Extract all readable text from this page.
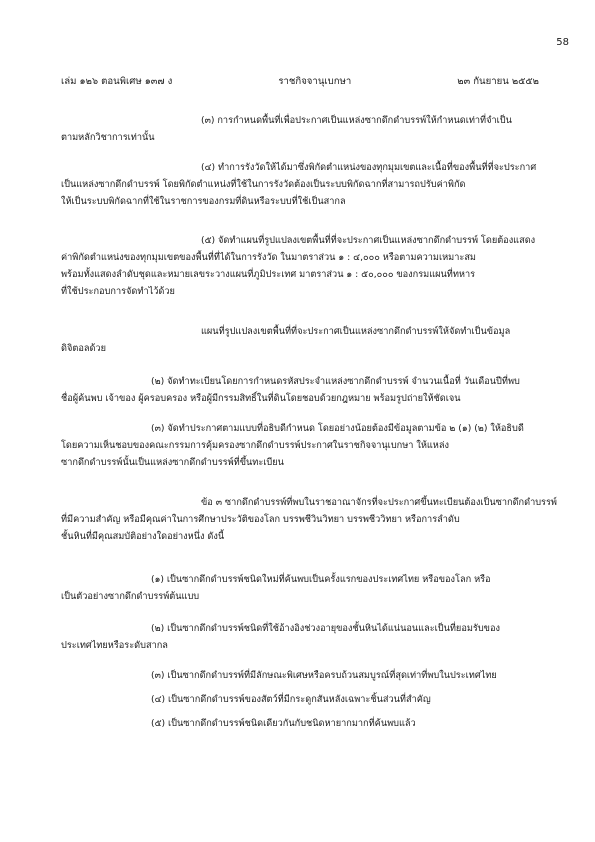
58
เล่ม ๑๒๖ ตอนพิเศษ ๑๓๗ ง	ราชกิจจานุเบกษา	๒๓ กันยายน ๒๕๕๒
(๓) การกำหนดพื้นที่เพื่อประกาศเป็นแหล่งซากดึกดำบรรพ์ให้กำหนดเท่าที่จำเป็น
ตามหลักวิชาการเท่านั้น
(๔) ทำการรังวัดให้ได้มาซึ่งพิกัดตำแหน่งของทุกมุมเขตและเนื้อที่ของพื้นที่ที่จะประกาศ
เป็นแหล่งซากดึกดำบรรพ์ โดยพิกัดตำแหน่งที่ใช้ในการรังวัดต้องเป็นระบบพิกัดฉากที่สามารถปรับค่าพิกัด
ให้เป็นระบบพิกัดฉากที่ใช้ในราชการของกรมที่ดินหรือระบบที่ใช้เป็นสากล
(๕) จัดทำแผนที่รูปแปลงเขตพื้นที่ที่จะประกาศเป็นแหล่งซากดึกดำบรรพ์ โดยต้องแสดง
ค่าพิกัดตำแหน่งของทุกมุมเขตของพื้นที่ที่ได้ในการรังวัด ในมาตราส่วน ๑ : ๔,๐๐๐ หรือตามความเหมาะสม
พร้อมทั้งแสดงลำดับชุดและหมายเลขระวางแผนที่ภูมิประเทศ มาตราส่วน ๑ : ๕๐,๐๐๐ ของกรมแผนที่ทหาร
ที่ใช้ประกอบการจัดทำไว้ด้วย
แผนที่รูปแปลงเขตพื้นที่ที่จะประกาศเป็นแหล่งซากดึกดำบรรพ์ให้จัดทำเป็นข้อมูล
ดิจิตอลด้วย
(๒) จัดทำทะเบียนโดยการกำหนดรหัสประจำแหล่งซากดึกดำบรรพ์ จำนวนเนื้อที่ วันเดือนปีที่พบ
ชื่อผู้ค้นพบ เจ้าของ ผู้ครอบครอง หรือผู้มีกรรมสิทธิ์ในที่ดินโดยชอบด้วยกฎหมาย พร้อมรูปถ่ายให้ชัดเจน
(๓) จัดทำประกาศตามแบบที่อธิบดีกำหนด โดยอย่างน้อยต้องมีข้อมูลตามข้อ ๒ (๑) (๒) ให้อธิบดี
โดยความเห็นชอบของคณะกรรมการคุ้มครองซากดึกดำบรรพ์ประกาศในราชกิจจานุเบกษา ให้แหล่ง
ซากดึกดำบรรพ์นั้นเป็นแหล่งซากดึกดำบรรพ์ที่ขึ้นทะเบียน
ข้อ ๓ ซากดึกดำบรรพ์ที่พบในราชอาณาจักรที่จะประกาศขึ้นทะเบียนต้องเป็นซากดึกดำบรรพ์
ที่มีความสำคัญ หรือมีคุณค่าในการศึกษาประวัติของโลก บรรพชีวินวิทยา บรรพชีววิทยา หรือการลำดับ
ชั้นหินที่มีคุณสมบัติอย่างใดอย่างหนึ่ง ดังนี้
(๑) เป็นซากดึกดำบรรพ์ชนิดใหม่ที่ค้นพบเป็นครั้งแรกของประเทศไทย หรือของโลก หรือ
เป็นตัวอย่างซากดึกดำบรรพ์ต้นแบบ
(๒) เป็นซากดึกดำบรรพ์ชนิดที่ใช้อ้างอิงช่วงอายุของชั้นหินได้แน่นอนและเป็นที่ยอมรับของ
ประเทศไทยหรือระดับสากล
(๓) เป็นซากดึกดำบรรพ์ที่มีลักษณะพิเศษหรือครบถ้วนสมบูรณ์ที่สุดเท่าที่พบในประเทศไทย
(๔) เป็นซากดึกดำบรรพ์ของสัตว์ที่มีกระดูกสันหลังเฉพาะชิ้นส่วนที่สำคัญ
(๕) เป็นซากดึกดำบรรพ์ชนิดเดียวกันกับชนิดหายากมากที่ค้นพบแล้ว
